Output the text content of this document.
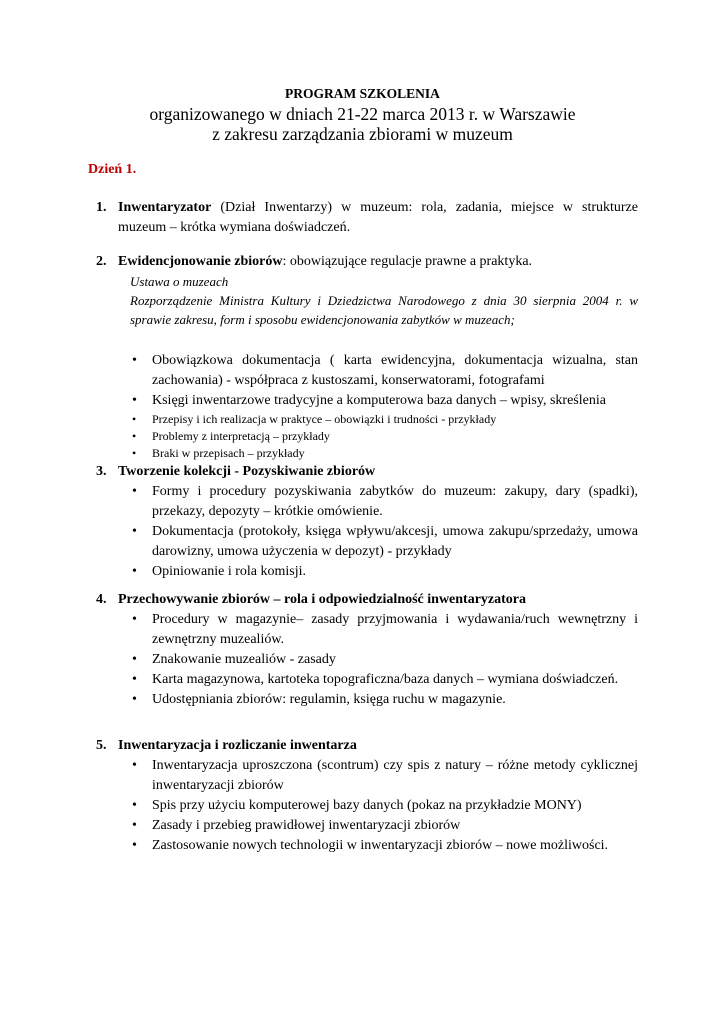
PROGRAM SZKOLENIA
organizowanego w dniach 21-22 marca 2013 r. w Warszawie
z zakresu zarządzania zbiorami w muzeum
Dzień 1.
1. Inwentaryzator (Dział Inwentarzy) w muzeum: rola, zadania, miejsce w strukturze muzeum – krótka wymiana doświadczeń.
2. Ewidencjonowanie zbiorów: obowiązujące regulacje prawne a praktyka.
Ustawa o muzeach
Rozporządzenie Ministra Kultury i Dziedzictwa Narodowego z dnia 30 sierpnia 2004 r. w sprawie zakresu, form i sposobu ewidencjonowania zabytków w muzeach;
• Obowiązkowa dokumentacja ( karta ewidencyjna, dokumentacja wizualna, stan zachowania) - współpraca z kustoszami, konserwatorami, fotografami
• Księgi inwentarzowe tradycyjne a komputerowa baza danych – wpisy, skreślenia
• Przepisy i ich realizacja w praktyce – obowiązki i trudności - przykłady
• Problemy z interpretacją – przykłady
• Braki w przepisach – przykłady
3. Tworzenie kolekcji - Pozyskiwanie zbiorów
• Formy i procedury pozyskiwania zabytków do muzeum: zakupy, dary (spadki), przekazy, depozyty – krótkie omówienie.
• Dokumentacja (protokoły, księga wpływu/akcesji, umowa zakupu/sprzedaży, umowa darowizny, umowa użyczenia w depozyt) - przykłady
• Opiniowanie i rola komisji.
4. Przechowywanie zbiorów – rola i odpowiedzialność inwentaryzatora
• Procedury w magazynie– zasady przyjmowania i wydawania/ruch wewnętrzny i zewnętrzny muzealiów.
• Znakowanie muzealiów - zasady
• Karta magazynowa, kartoteka topograficzna/baza danych – wymiana doświadczeń.
• Udostępniania zbiorów: regulamin, księga ruchu w magazynie.
5. Inwentaryzacja i rozliczanie inwentarza
• Inwentaryzacja uproszczona (scontrum) czy spis z natury – różne metody cyklicznej inwentaryzacji zbiorów
• Spis przy użyciu komputerowej bazy danych (pokaz na przykładzie MONY)
• Zasady i przebieg prawidłowej inwentaryzacji zbiorów
• Zastosowanie nowych technologii w inwentaryzacji zbiorów – nowe możliwości.
